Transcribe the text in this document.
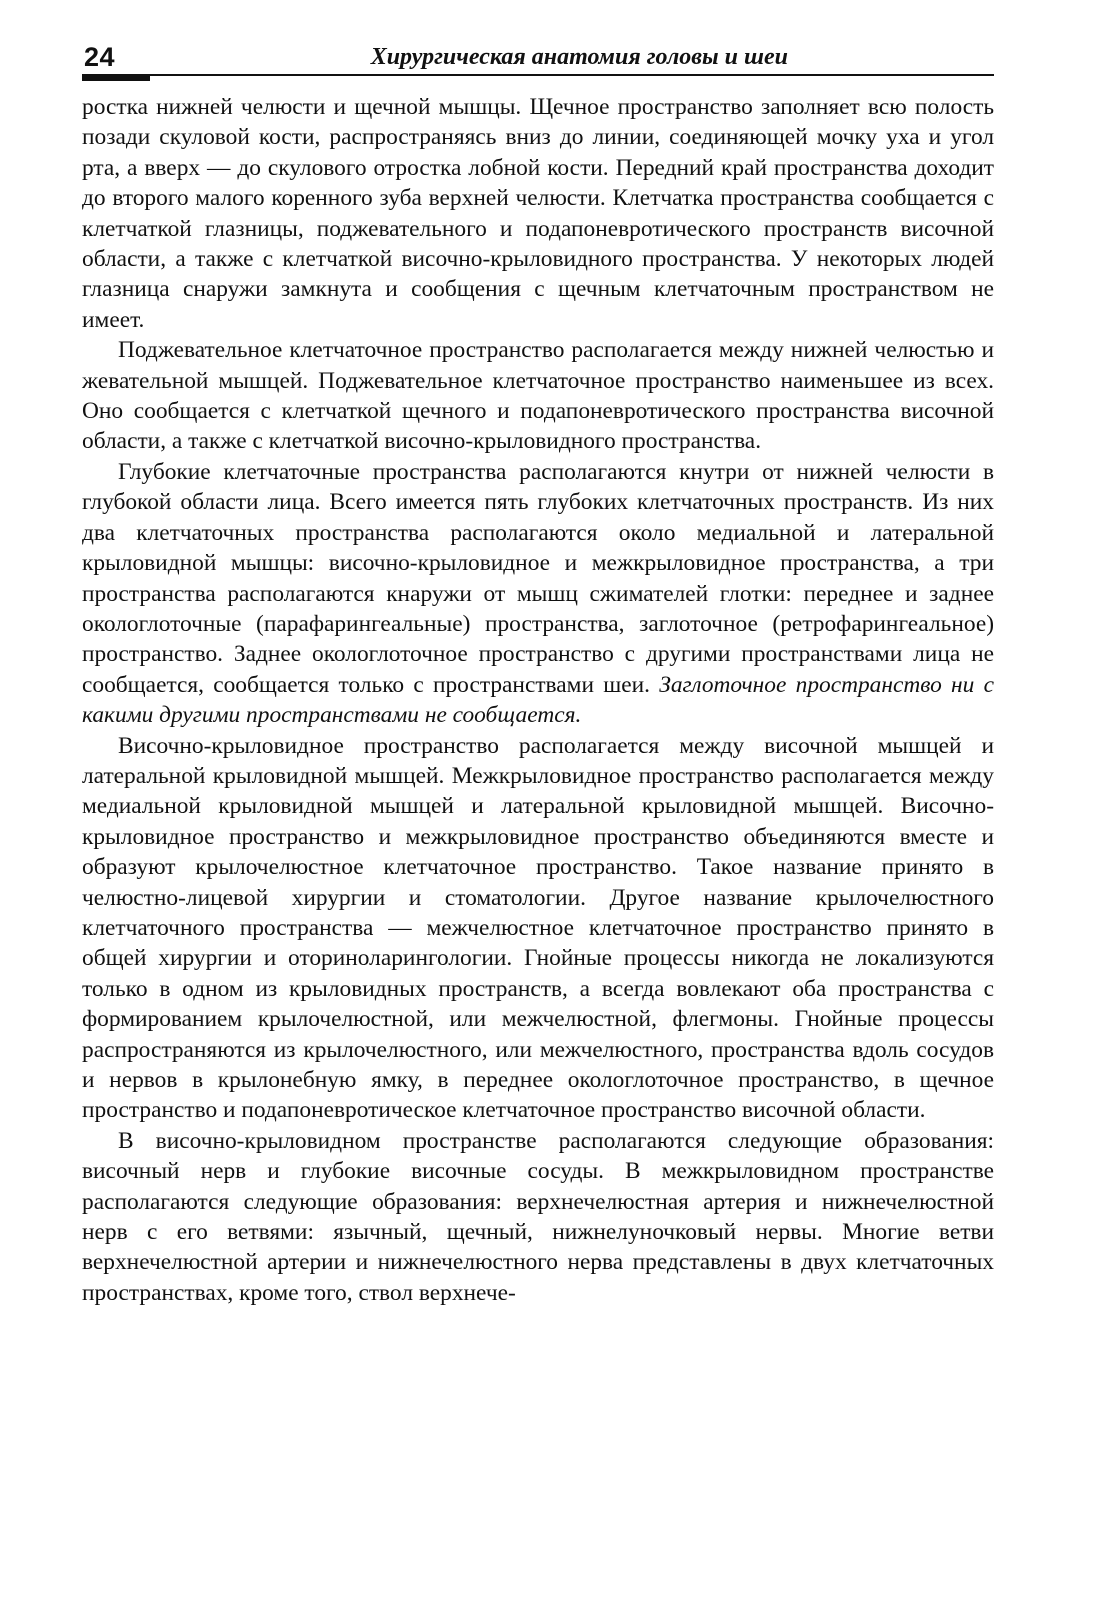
24	Хирургическая анатомия головы и шеи

ростка нижней челюсти и щечной мышцы. Щечное пространство заполняет всю полость позади скуловой кости, распространяясь вниз до линии, соединяющей мочку уха и угол рта, а вверх — до скулового отростка лобной кости. Передний край пространства доходит до второго малого коренного зуба верхней челюсти. Клетчатка пространства сообщается с клетчаткой глазницы, поджевательного и подапоневротического пространств височной области, а также с клетчаткой височно-крыловидного пространства. У некоторых людей глазница снаружи замкнута и сообщения с щечным клетчаточным пространством не имеет.

Поджевательное клетчаточное пространство располагается между нижней челюстью и жевательной мышцей. Поджевательное клетчаточное пространство наименьшее из всех. Оно сообщается с клетчаткой щечного и подапоневротического пространства височной области, а также с клетчаткой височно-крыловидного пространства.

Глубокие клетчаточные пространства располагаются кнутри от нижней челюсти в глубокой области лица. Всего имеется пять глубоких клетчаточных пространств. Из них два клетчаточных пространства располагаются около медиальной и латеральной крыловидной мышцы: височно-крыловидное и межкрыловидное пространства, а три пространства располагаются кнаружи от мышц сжимателей глотки: переднее и заднее окологлоточные (парафарингеальные) пространства, заглоточное (ретрофарингеальное) пространство. Заднее окологлоточное пространство с другими пространствами лица не сообщается, сообщается только с пространствами шеи. Заглоточное пространство ни с какими другими пространствами не сообщается.

Височно-крыловидное пространство располагается между височной мышцей и латеральной крыловидной мышцей. Межкрыловидное пространство располагается между медиальной крыловидной мышцей и латеральной крыловидной мышцей. Височно-крыловидное пространство и межкрыловидное пространство объединяются вместе и образуют крылочелюстное клетчаточное пространство. Такое название принято в челюстно-лицевой хирургии и стоматологии. Другое название крылочелюстного клетчаточного пространства — межчелюстное клетчаточное пространство принято в общей хирургии и оториноларингологии. Гнойные процессы никогда не локализуются только в одном из крыловидных пространств, а всегда вовлекают оба пространства с формированием крылочелюстной, или межчелюстной, флегмоны. Гнойные процессы распространяются из крылочелюстного, или межчелюстного, пространства вдоль сосудов и нервов в крылонебную ямку, в переднее окологлоточное пространство, в щечное пространство и подапоневротическое клетчаточное пространство височной области.

В височно-крыловидном пространстве располагаются следующие образования: височный нерв и глубокие височные сосуды. В межкрыловидном пространстве располагаются следующие образования: верхнечелюстная артерия и нижнечелюстной нерв с его ветвями: язычный, щечный, нижнелуночковый нервы. Многие ветви верхнечелюстной артерии и нижнечелюстного нерва представлены в двух клетчаточных пространствах, кроме того, ствол верхнече-
